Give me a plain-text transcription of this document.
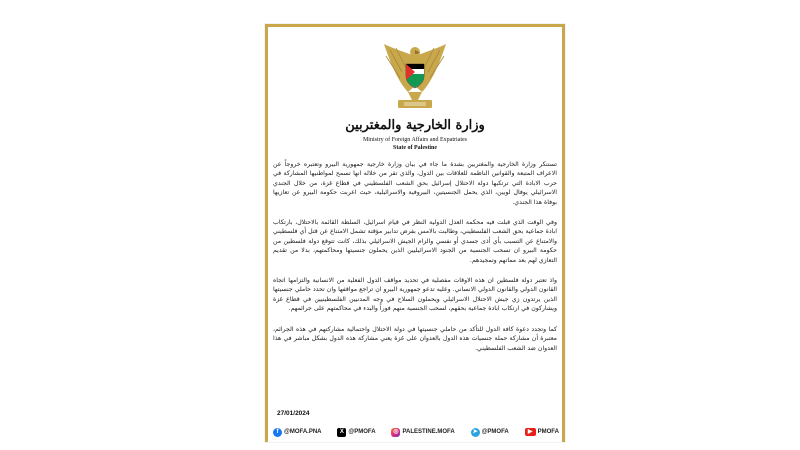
وزارة الخارجية والمغتربين
Ministry of Foreign Affairs and Expatriates
State of Palestine

تستنكر وزارة الخارجية والمغتربين بشدة ما جاء في بيان وزارة خارجية جمهورية البيرو وتعتبره خروجاً عن الاعراف المتبعة والقوانين الناظمة للعلاقات بين الدول، والذي تقر من خلاله انها تسمح لمواطنيها المشاركة في حرب الابادة التي ترتكبها دولة الاحتلال إسرائيل بحق الشعب الفلسطيني في قطاع غزة، من خلال الجندي الاسرائيلي يوفال لوبين، الذي يحمل الجنسيتين، البيروفية والاسرائيلية، حيث اعربت حكومة البيرو عن تعازيها بوفاة هذا الجندي.

وفي الوقت الذي قبلت فيه محكمة العدل الدولية النظر في قيام اسرائيل، السلطة القائمة بالاحتلال، بارتكاب ابادة جماعية بحق الشعب الفلسطيني، وطالبت بالامس بفرض تدابير مؤقتة تشمل الامتناع عن قتل أي فلسطيني والامتناع عن التسبب بأي أذى جسدي أو نفسي والزام الجيش الاسرائيلي بذلك، كانت تتوقع دولة فلسطين من حكومة البيرو ان تسحب الجنسية من الجنود الاسرائيليين الذين يحملون جنسيتها ومحاكمتهم، بدلا من تقديم التعازي لهم بعد مماتهم وتمجيدهم.

واذ تعتبر دولة فلسطين ان هذه الاوقات مفصلية في تحديد مواقف الدول الفعلية من الانسانية والتزامها اتجاه القانون الدولي والقانون الدولي الانساني. وعليه تدعو جمهورية البيرو ان تراجع مواقفها وان تحدد حاملي جنسيتها الذين يرتدون زي جيش الاحتلال الاسرائيلي ويحملون السلاح في وجه المدنيين الفلسطينيين في قطاع غزة ويشاركون في ارتكاب ابادة جماعية بحقهم، لسحب الجنسية منهم فوراً والبدء في محاكمتهم على جرائمهم.

كما وتجدد دعوة كافة الدول للتأكد من حاملي جنسيتها في دولة الاحتلال واحتمالية مشاركتهم في هذه الجرائم، معتبرة أن مشاركة حملة جنسيات هذه الدول بالعدوان على غزة يعني مشاركة هذه الدول بشكل مباشر في هذا العدوان ضد الشعب الفلسطيني.

27/01/2024
f @MOFA.PNA	X @PMOFA	◎ PALESTINE.MOFA	➤ @PMOFA	▶ PMOFA
